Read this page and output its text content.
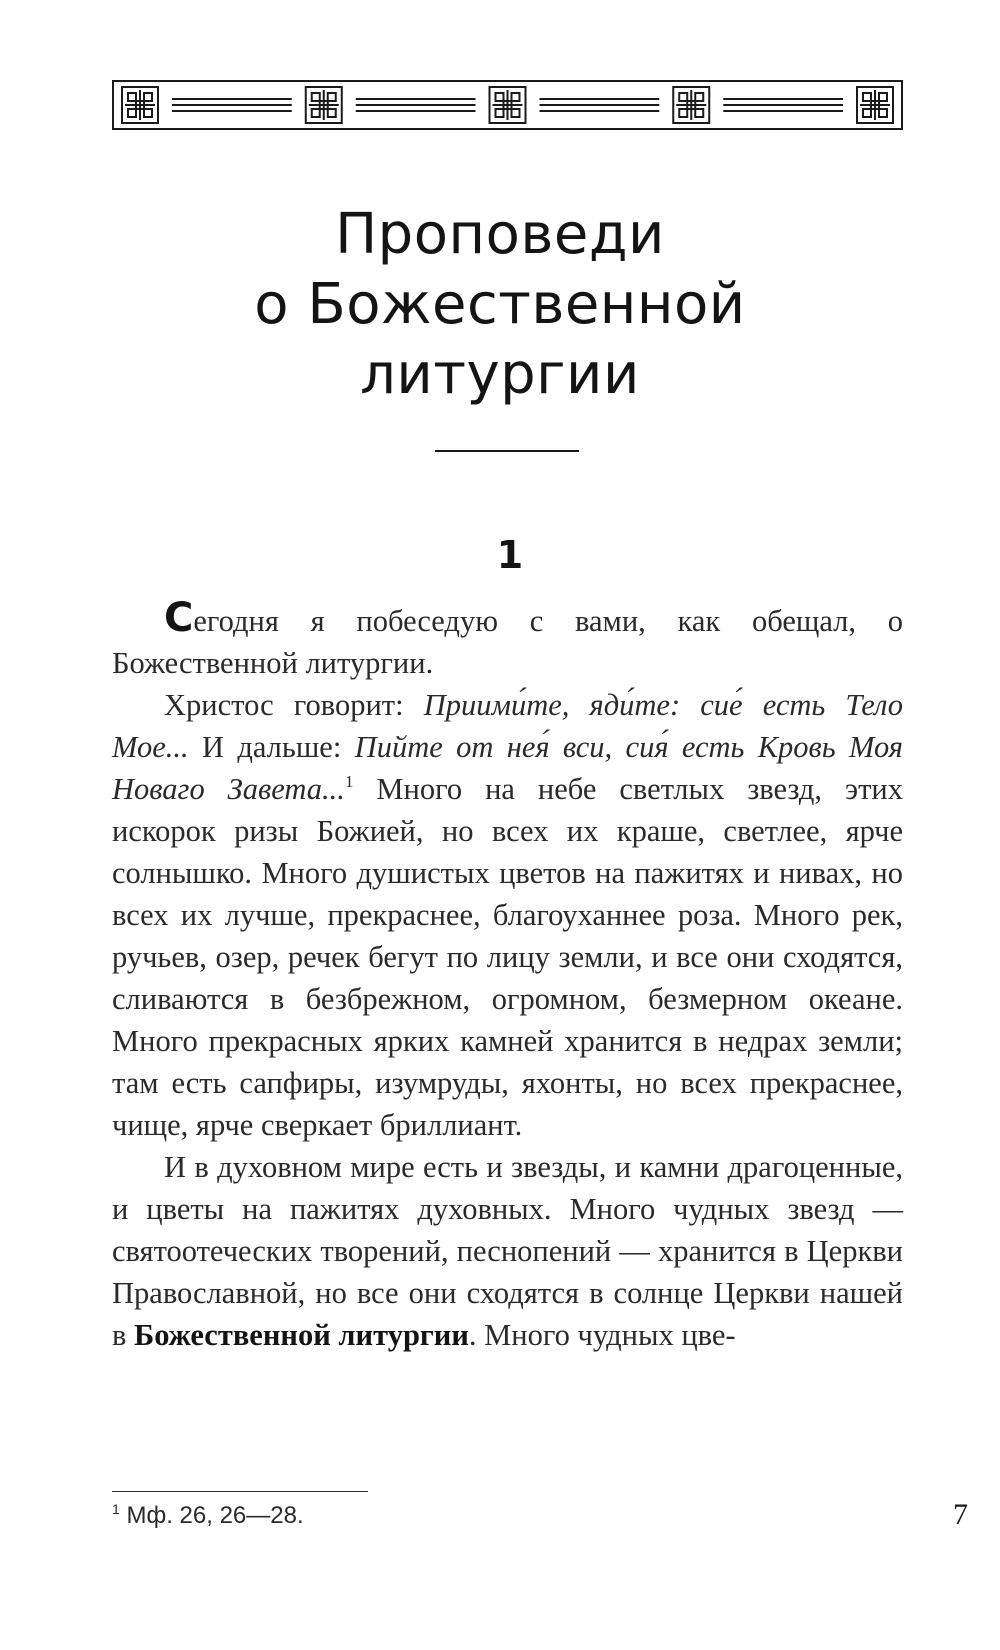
Проповеди
о Божественной
литургии
1

Сегодня я побеседую с вами, как обещал, о Божественной литургии.

Христос говорит: Приими́те, яди́те: сие́ есть Тело Мое... И дальше: Пийте от нея́ вси, сия́ есть Кровь Моя Новаго Завета...$^1$ Много на небе светлых звезд, этих искорок ризы Божией, но всех их краше, светлее, ярче солнышко. Много душистых цветов на пажитях и нивах, но всех их лучше, прекраснее, благоуханнее роза. Много рек, ручьев, озер, речек бегут по лицу земли, и все они сходятся, сливаются в безбрежном, огромном, безмерном океане. Много прекрасных ярких камней хранится в недрах земли; там есть сапфиры, изумруды, яхонты, но всех прекраснее, чище, ярче сверкает бриллиант.

И в духовном мире есть и звезды, и камни драгоценные, и цветы на пажитях духовных. Много чудных звезд — святоотеческих творений, песнопений — хранится в Церкви Православной, но все они сходятся в солнце Церкви нашей в Божественной литургии. Много чудных цве-

$^1$ Мф. 26, 26—28.	7
